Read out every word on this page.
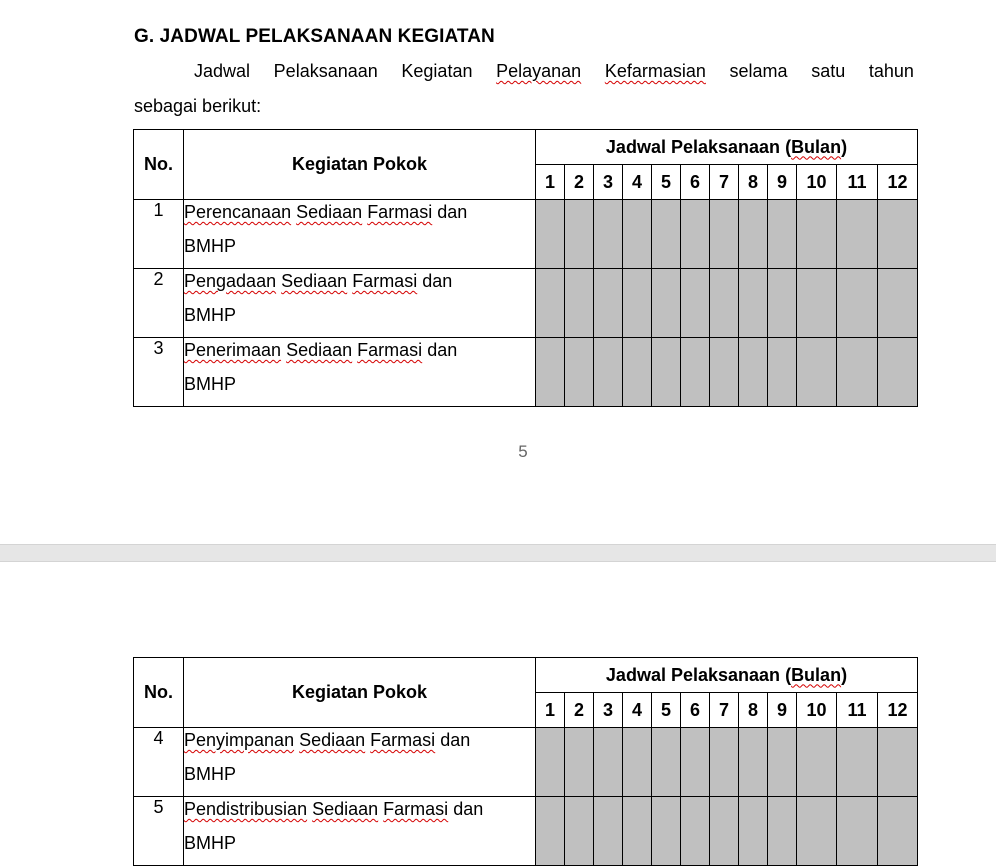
G. JADWAL PELAKSANAAN KEGIATAN
Jadwal Pelaksanaan Kegiatan Pelayanan Kefarmasian selama satu tahun
sebagai berikut:
No.	Kegiatan Pokok	Jadwal Pelaksanaan (Bulan)											
		1	2	3	4	5	6	7	8	9	10	11	12
1	Perencanaan Sediaan Farmasi dan
BMHP												

2	Pengadaan Sediaan Farmasi dan
BMHP												

3	Penerimaan Sediaan Farmasi dan
BMHP												

5
No.	Kegiatan Pokok	Jadwal Pelaksanaan (Bulan)											
		1	2	3	4	5	6	7	8	9	10	11	12
4	Penyimpanan Sediaan Farmasi dan
BMHP												

5	Pendistribusian Sediaan Farmasi dan
BMHP												
